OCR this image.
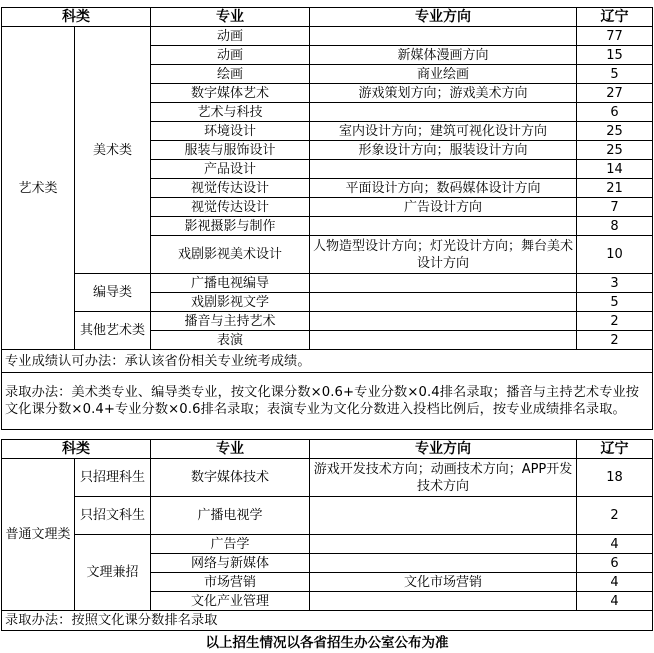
科类		专业	专业方向	辽宁
艺术类	美术类	动画		77
		动画	新媒体漫画方向	15
		绘画	商业绘画	5
		数字媒体艺术	游戏策划方向；游戏美术方向	27
		艺术与科技		6
		环境设计	室内设计方向；建筑可视化设计方向	25
		服装与服饰设计	形象设计方向；服装设计方向	25
		产品设计		14
		视觉传达设计	平面设计方向；数码媒体设计方向	21
		视觉传达设计	广告设计方向	7
		影视摄影与制作		8
		戏剧影视美术设计	人物造型设计方向；灯光设计方向；舞台美术设计方向	10
	编导类	广播电视编导		3
		戏剧影视文学		5
	其他艺术类	播音与主持艺术		2
		表演		2
专业成绩认可办法：承认该省份相关专业统考成绩。				
录取办法：美术类专业、编导类专业，按文化课分数×0.6+专业分数×0.4排名录取；播音与主持艺术专业按文化课分数×0.4+专业分数×0.6排名录取；表演专业为文化分数进入投档比例后，按专业成绩排名录取。				
科类		专业	专业方向	辽宁
普通文理类	只招理科生	数字媒体技术	游戏开发技术方向；动画技术方向；APP开发技术方向	18
	只招文科生	广播电视学		2
	文理兼招	广告学		4
		网络与新媒体		6
		市场营销	文化市场营销	4
		文化产业管理		4
录取办法：按照文化课分数排名录取				
以上招生情况以各省招生办公室公布为准
